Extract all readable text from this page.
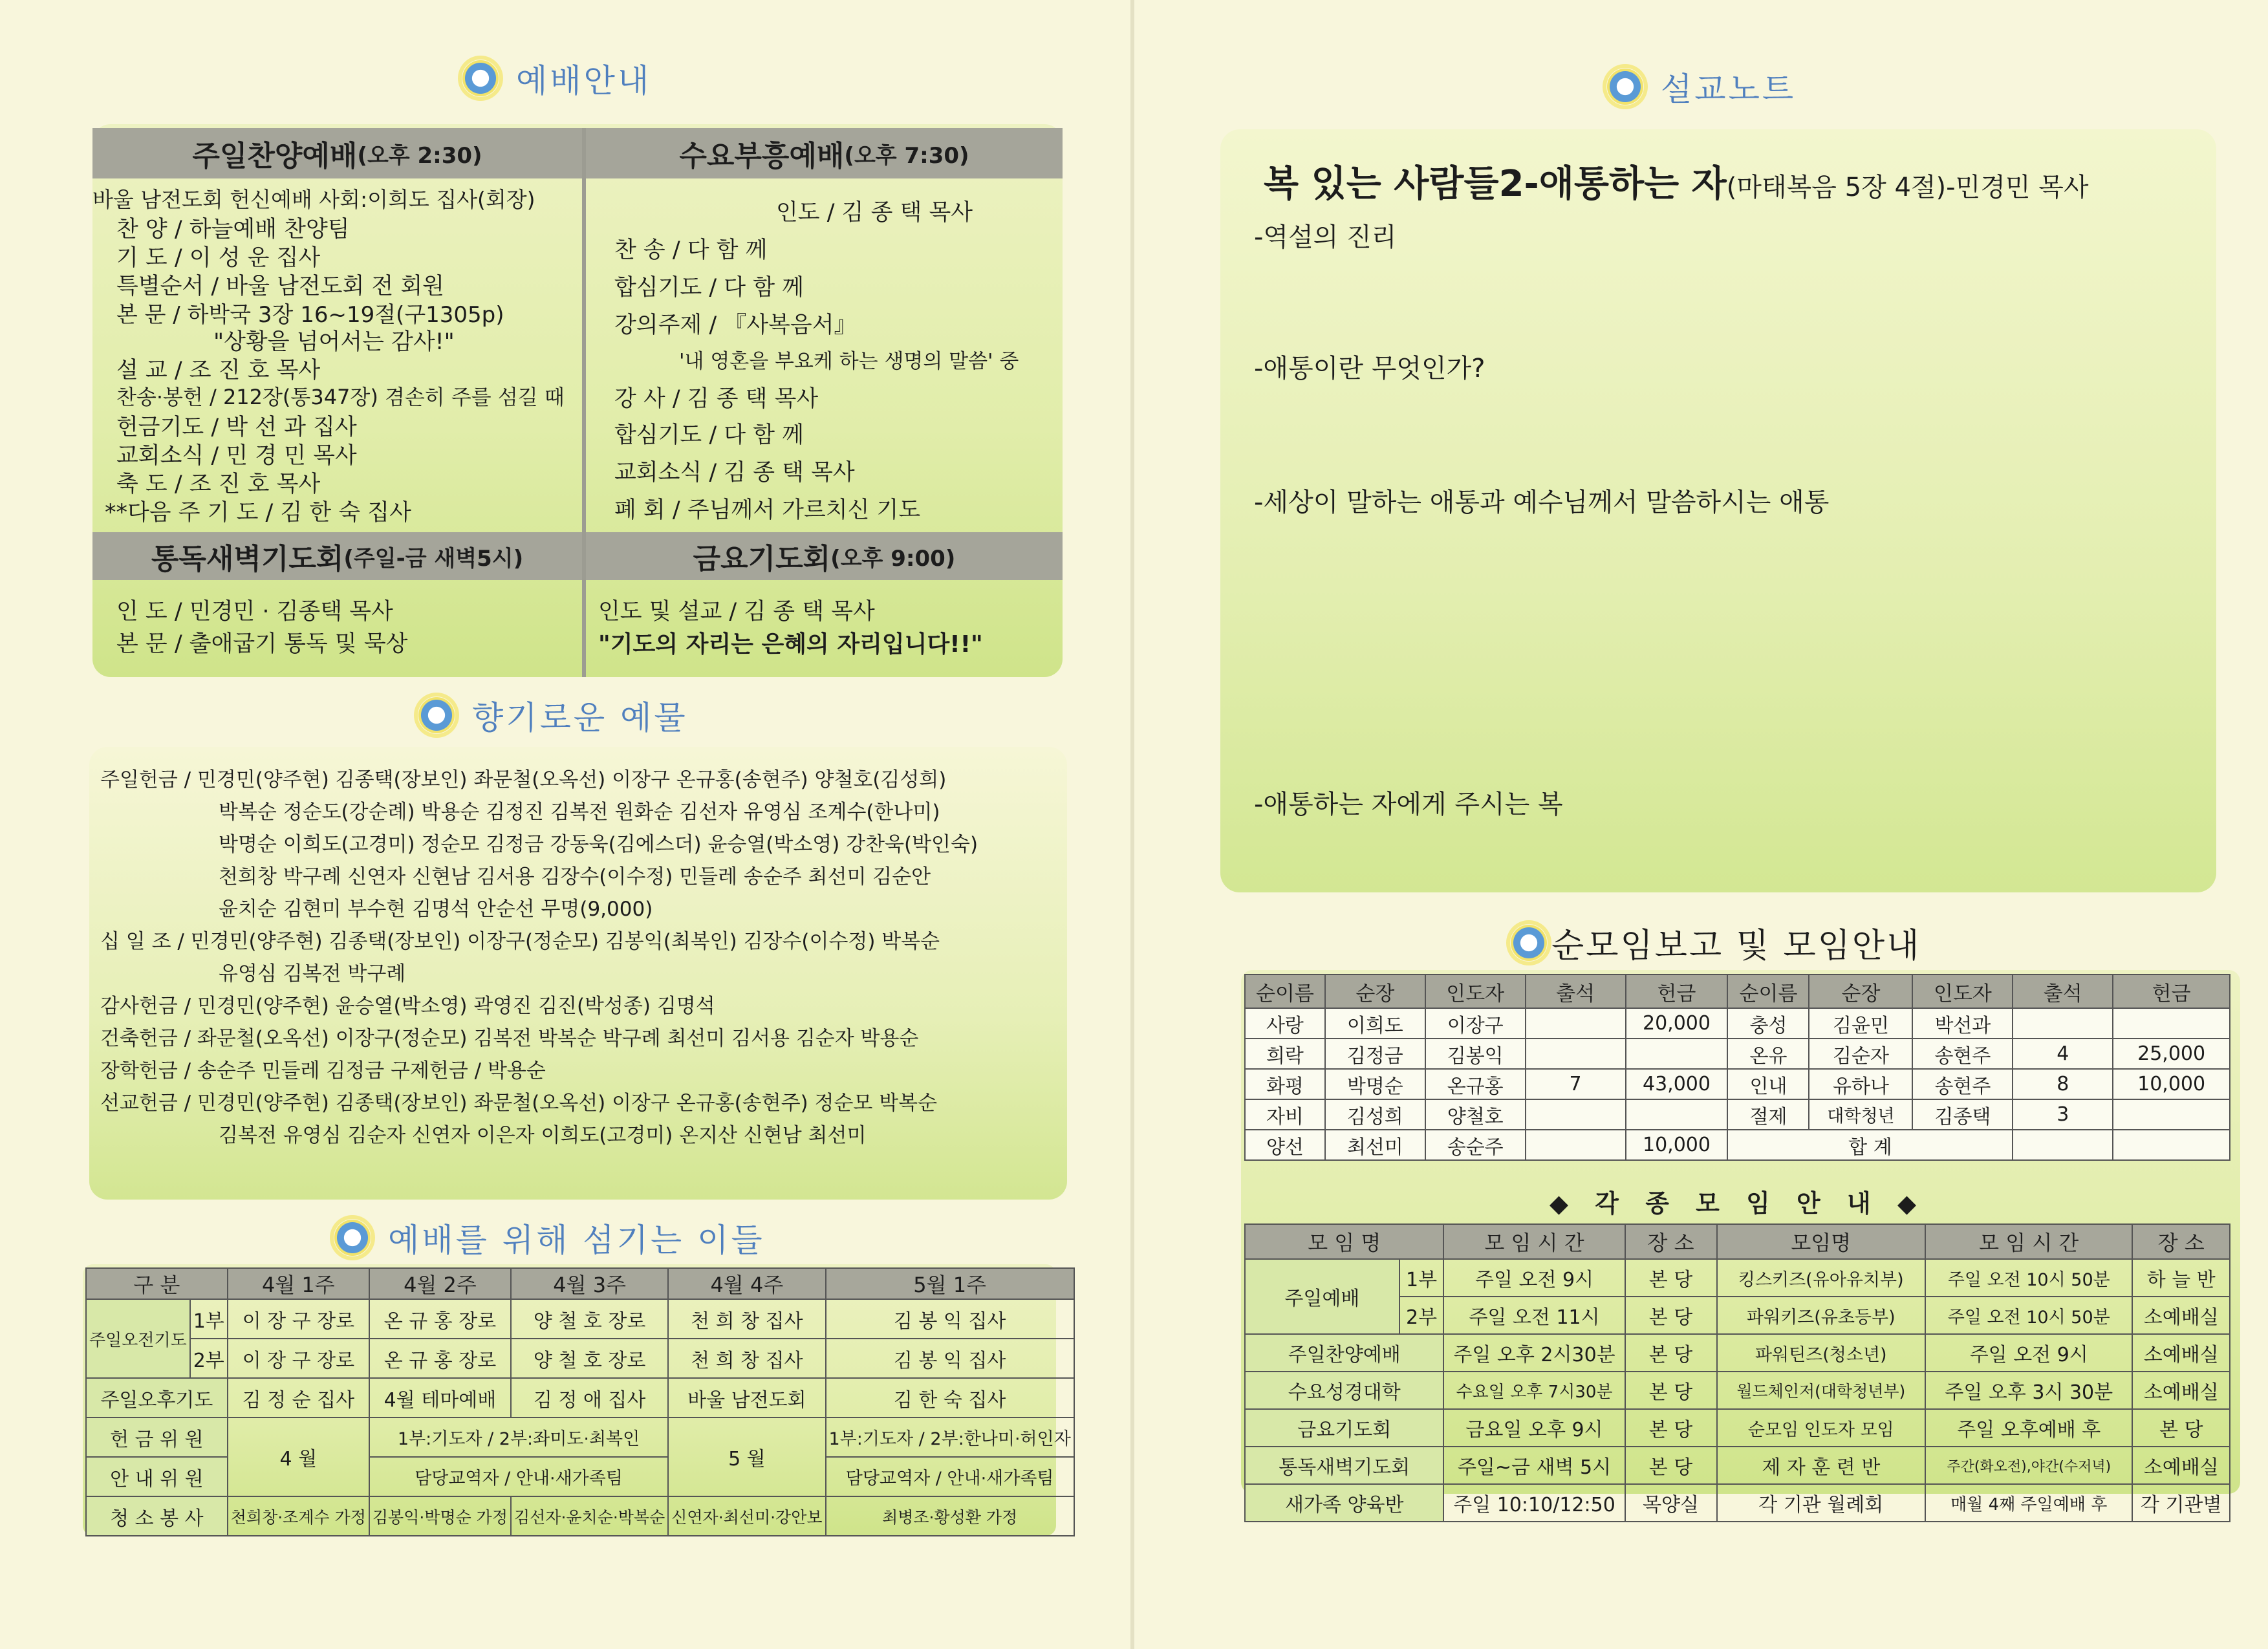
예배안내
주일찬양예배 (오후 2:30)	수요부흥예배 (오후 7:30)
바울 남전도회 헌신예배 사회:이희도 집사(회장)
찬 양 / 하늘예배 찬양팀
기 도 / 이 성 운 집사
특별순서 / 바울 남전도회 전 회원
본 문 / 하박국 3장 16~19절(구1305p)
"상황을 넘어서는 감사!"
설 교 / 조 진 호 목사
찬송·봉헌 / 212장(통347장) 겸손히 주를 섬길 때
헌금기도 / 박 선 과 집사
교회소식 / 민 경 민 목사
축 도 / 조 진 호 목사
**다음 주 기 도 / 김 한 숙 집사
인도 / 김 종 택 목사
찬 송 / 다 함 께
합심기도 / 다 함 께
강의주제 / 『사복음서』
'내 영혼을 부요케 하는 생명의 말씀' 중
강 사 / 김 종 택 목사
합심기도 / 다 함 께
교회소식 / 김 종 택 목사
폐 회 / 주님께서 가르치신 기도
통독새벽기도회 (주일-금 새벽5시)	금요기도회 (오후 9:00)
인 도 / 민경민 · 김종택 목사
본 문 / 출애굽기 통독 및 묵상
인도 및 설교 / 김 종 택 목사
"기도의 자리는 은혜의 자리입니다!!"
향기로운 예물
주일헌금 / 민경민(양주현) 김종택(장보인) 좌문철(오옥선) 이장구 온규홍(송현주) 양철호(김성희)
박복순 정순도(강순례) 박용순 김정진 김복전 원화순 김선자 유영심 조계수(한나미)
박명순 이희도(고경미) 정순모 김정금 강동욱(김에스더) 윤승열(박소영) 강찬욱(박인숙)
천희창 박구례 신연자 신현남 김서용 김장수(이수정) 민들레 송순주 최선미 김순안
윤치순 김현미 부수현 김명석 안순선 무명(9,000)
십 일 조 / 민경민(양주현) 김종택(장보인) 이장구(정순모) 김봉익(최복인) 김장수(이수정) 박복순
유영심 김복전 박구례
감사헌금 / 민경민(양주현) 윤승열(박소영) 곽영진 김진(박성종) 김명석
건축헌금 / 좌문철(오옥선) 이장구(정순모) 김복전 박복순 박구례 최선미 김서용 김순자 박용순
장학헌금 / 송순주 민들레 김정금 구제헌금 / 박용순
선교헌금 / 민경민(양주현) 김종택(장보인) 좌문철(오옥선) 이장구 온규홍(송현주) 정순모 박복순
김복전 유영심 김순자 신연자 이은자 이희도(고경미) 온지산 신현남 최선미
예배를 위해 섬기는 이들
구 분		4월 1주	4월 2주	4월 3주	4월 4주	5월 1주
주일오전기도	1부	이 장 구 장로	온 규 홍 장로	양 철 호 장로	천 희 창 집사	김 봉 익 집사
	2부	이 장 구 장로	온 규 홍 장로	양 철 호 장로	천 희 창 집사	김 봉 익 집사
주일오후기도		김 정 순 집사	4월 테마예배	김 정 애 집사	바울 남전도회	김 한 숙 집사
헌 금 위 원		4 월	1부:기도자 / 2부:좌미도·최복인		5 월	1부:기도자 / 2부:한나미·허인자
안 내 위 원			담당교역자 / 안내·새가족팀			담당교역자 / 안내·새가족팀
청 소 봉 사		천희창·조계수 가정	김봉익·박명순 가정	김선자·윤치순·박복순	신연자·최선미·강안보	최병조·황성환 가정
설교노트
복 있는 사람들2-애통하는 자(마태복음 5장 4절)-민경민 목사
-역설의 진리
-애통이란 무엇인가?
-세상이 말하는 애통과 예수님께서 말씀하시는 애통
-애통하는 자에게 주시는 복
순모임보고 및 모임안내
순이름	순장	인도자	출석	헌금	순이름	순장	인도자	출석	헌금
사랑	이희도	이장구		20,000	충성	김윤민	박선과		
희락	김정금	김봉익			온유	김순자	송현주	4	25,000
화평	박명순	온규홍	7	43,000	인내	유하나	송현주	8	10,000
자비	김성희	양철호			절제	대학청년	김종택	3	
양선	최선미	송순주		10,000	합 계				
◆ 각 종 모 임 안 내 ◆
모 임 명		모 임 시 간	장 소	모임명	모 임 시 간	장 소
주일예배	1부	주일 오전 9시	본 당	킹스키즈(유아유치부)	주일 오전 10시 50분	하 늘 반
	2부	주일 오전 11시	본 당	파워키즈(유초등부)	주일 오전 10시 50분	소예배실
주일찬양예배		주일 오후 2시30분	본 당	파워틴즈(청소년)	주일 오전 9시	소예배실
수요성경대학		수요일 오후 7시30분	본 당	월드체인저(대학청년부)	주일 오후 3시 30분	소예배실
금요기도회		금요일 오후 9시	본 당	순모임 인도자 모임	주일 오후예배 후	본 당
통독새벽기도회		주일~금 새벽 5시	본 당	제 자 훈 련 반	주간(화오전),야간(수저녁)	소예배실
새가족 양육반		주일 10:10/12:50	목양실	각 기관 월례회	매월 4째 주일예배 후	각 기관별
